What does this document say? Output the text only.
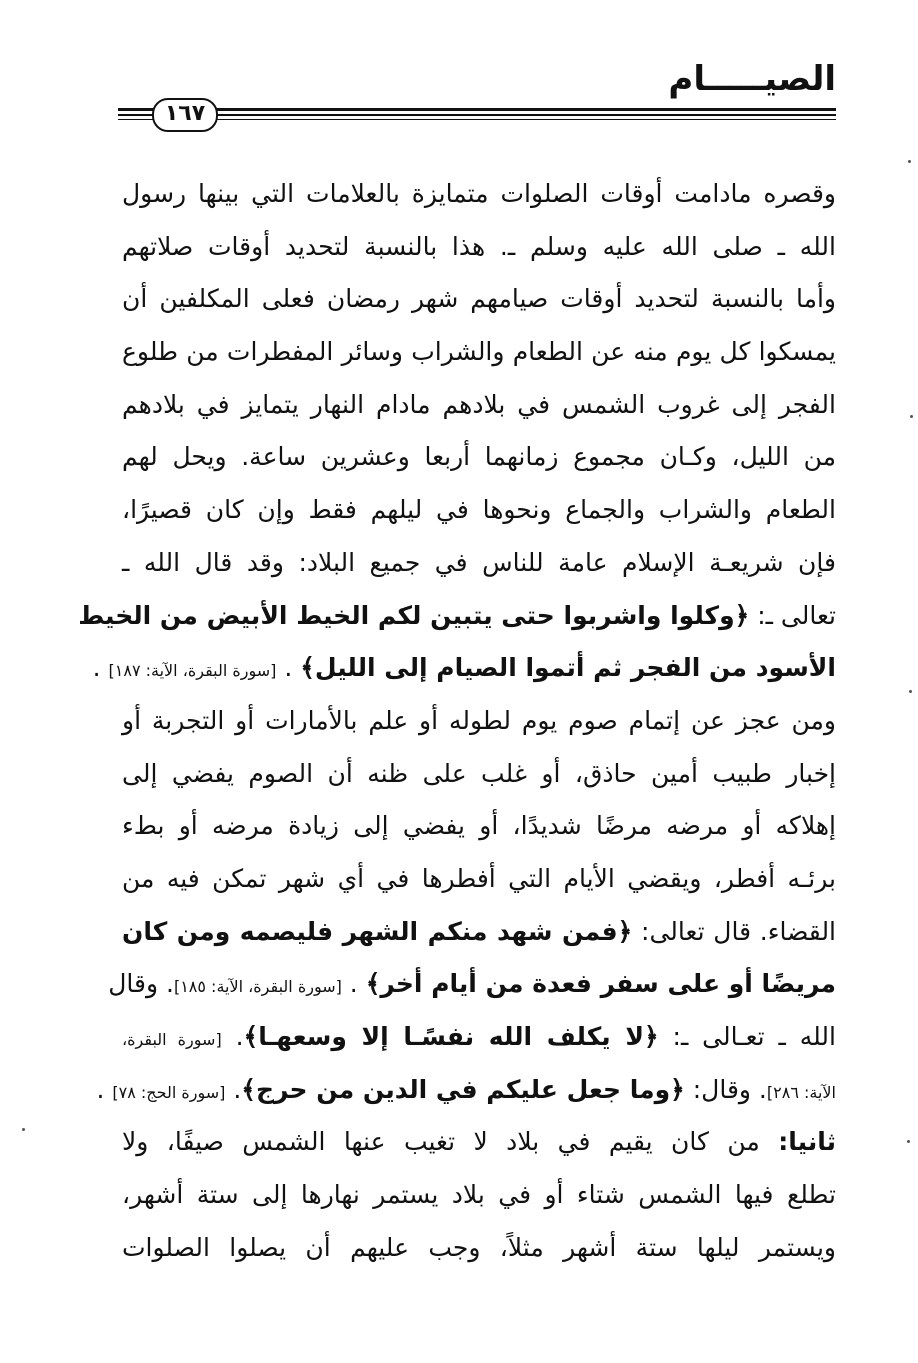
الصيـــــام
١٦٧
وقصره مادامت أوقات الصلوات متمايزة بالعلامات التي بينها رسول
الله ـ صلى الله عليه وسلم ـ. هذا بالنسبة لتحديد أوقات صلاتهم
وأما بالنسبة لتحديد أوقات صيامهم شهر رمضان فعلى المكلفين أن
يمسكوا كل يوم منه عن الطعام والشراب وسائر المفطرات من طلوع
الفجر إلى غروب الشمس في بلادهم مادام النهار يتمايز في بلادهم
من الليل، وكـان مجموع زمانهما أربعا وعشرين ساعة. ويحل لهم
الطعام والشراب والجماع ونحوها في ليلهم فقط وإن كان قصيرًا،
فإن شريعـة الإسلام عامة للناس في جميع البلاد: وقد قال الله ـ
تعالى ـ: ﴿وكلوا واشربوا حتى يتبين لكم الخيط الأبيض من الخيط
الأسود من الفجر ثم أتموا الصيام إلى الليل﴾ . [سورة البقرة، الآية: ١٨٧] .
ومن عجز عن إتمام صوم يوم لطوله أو علم بالأمارات أو التجربة أو
إخبار طبيب أمين حاذق، أو غلب على ظنه أن الصوم يفضي إلى
إهلاكه أو مرضه مرضًا شديدًا، أو يفضي إلى زيادة مرضه أو بطء
برئـه أفطر، ويقضي الأيام التي أفطرها في أي شهر تمكن فيه من
القضاء. قال تعالى: ﴿فمن شهد منكم الشهر فليصمه ومن كان
مريضًا أو على سفر فعدة من أيام أخر﴾ . [سورة البقرة، الآية: ١٨٥]. وقال
الله ـ تعـالى ـ: ﴿لا يكلف الله نفسًـا إلا وسعهـا﴾. [سورة البقرة،
الآية: ٢٨٦]. وقال: ﴿وما جعل عليكم في الدين من حرج﴾. [سورة الحج: ٧٨] .
ثانيا: من كان يقيم في بلاد لا تغيب عنها الشمس صيفًا، ولا
تطلع فيها الشمس شتاء أو في بلاد يستمر نهارها إلى ستة أشهر،
ويستمر ليلها ستة أشهر مثلاً، وجب عليهم أن يصلوا الصلوات
